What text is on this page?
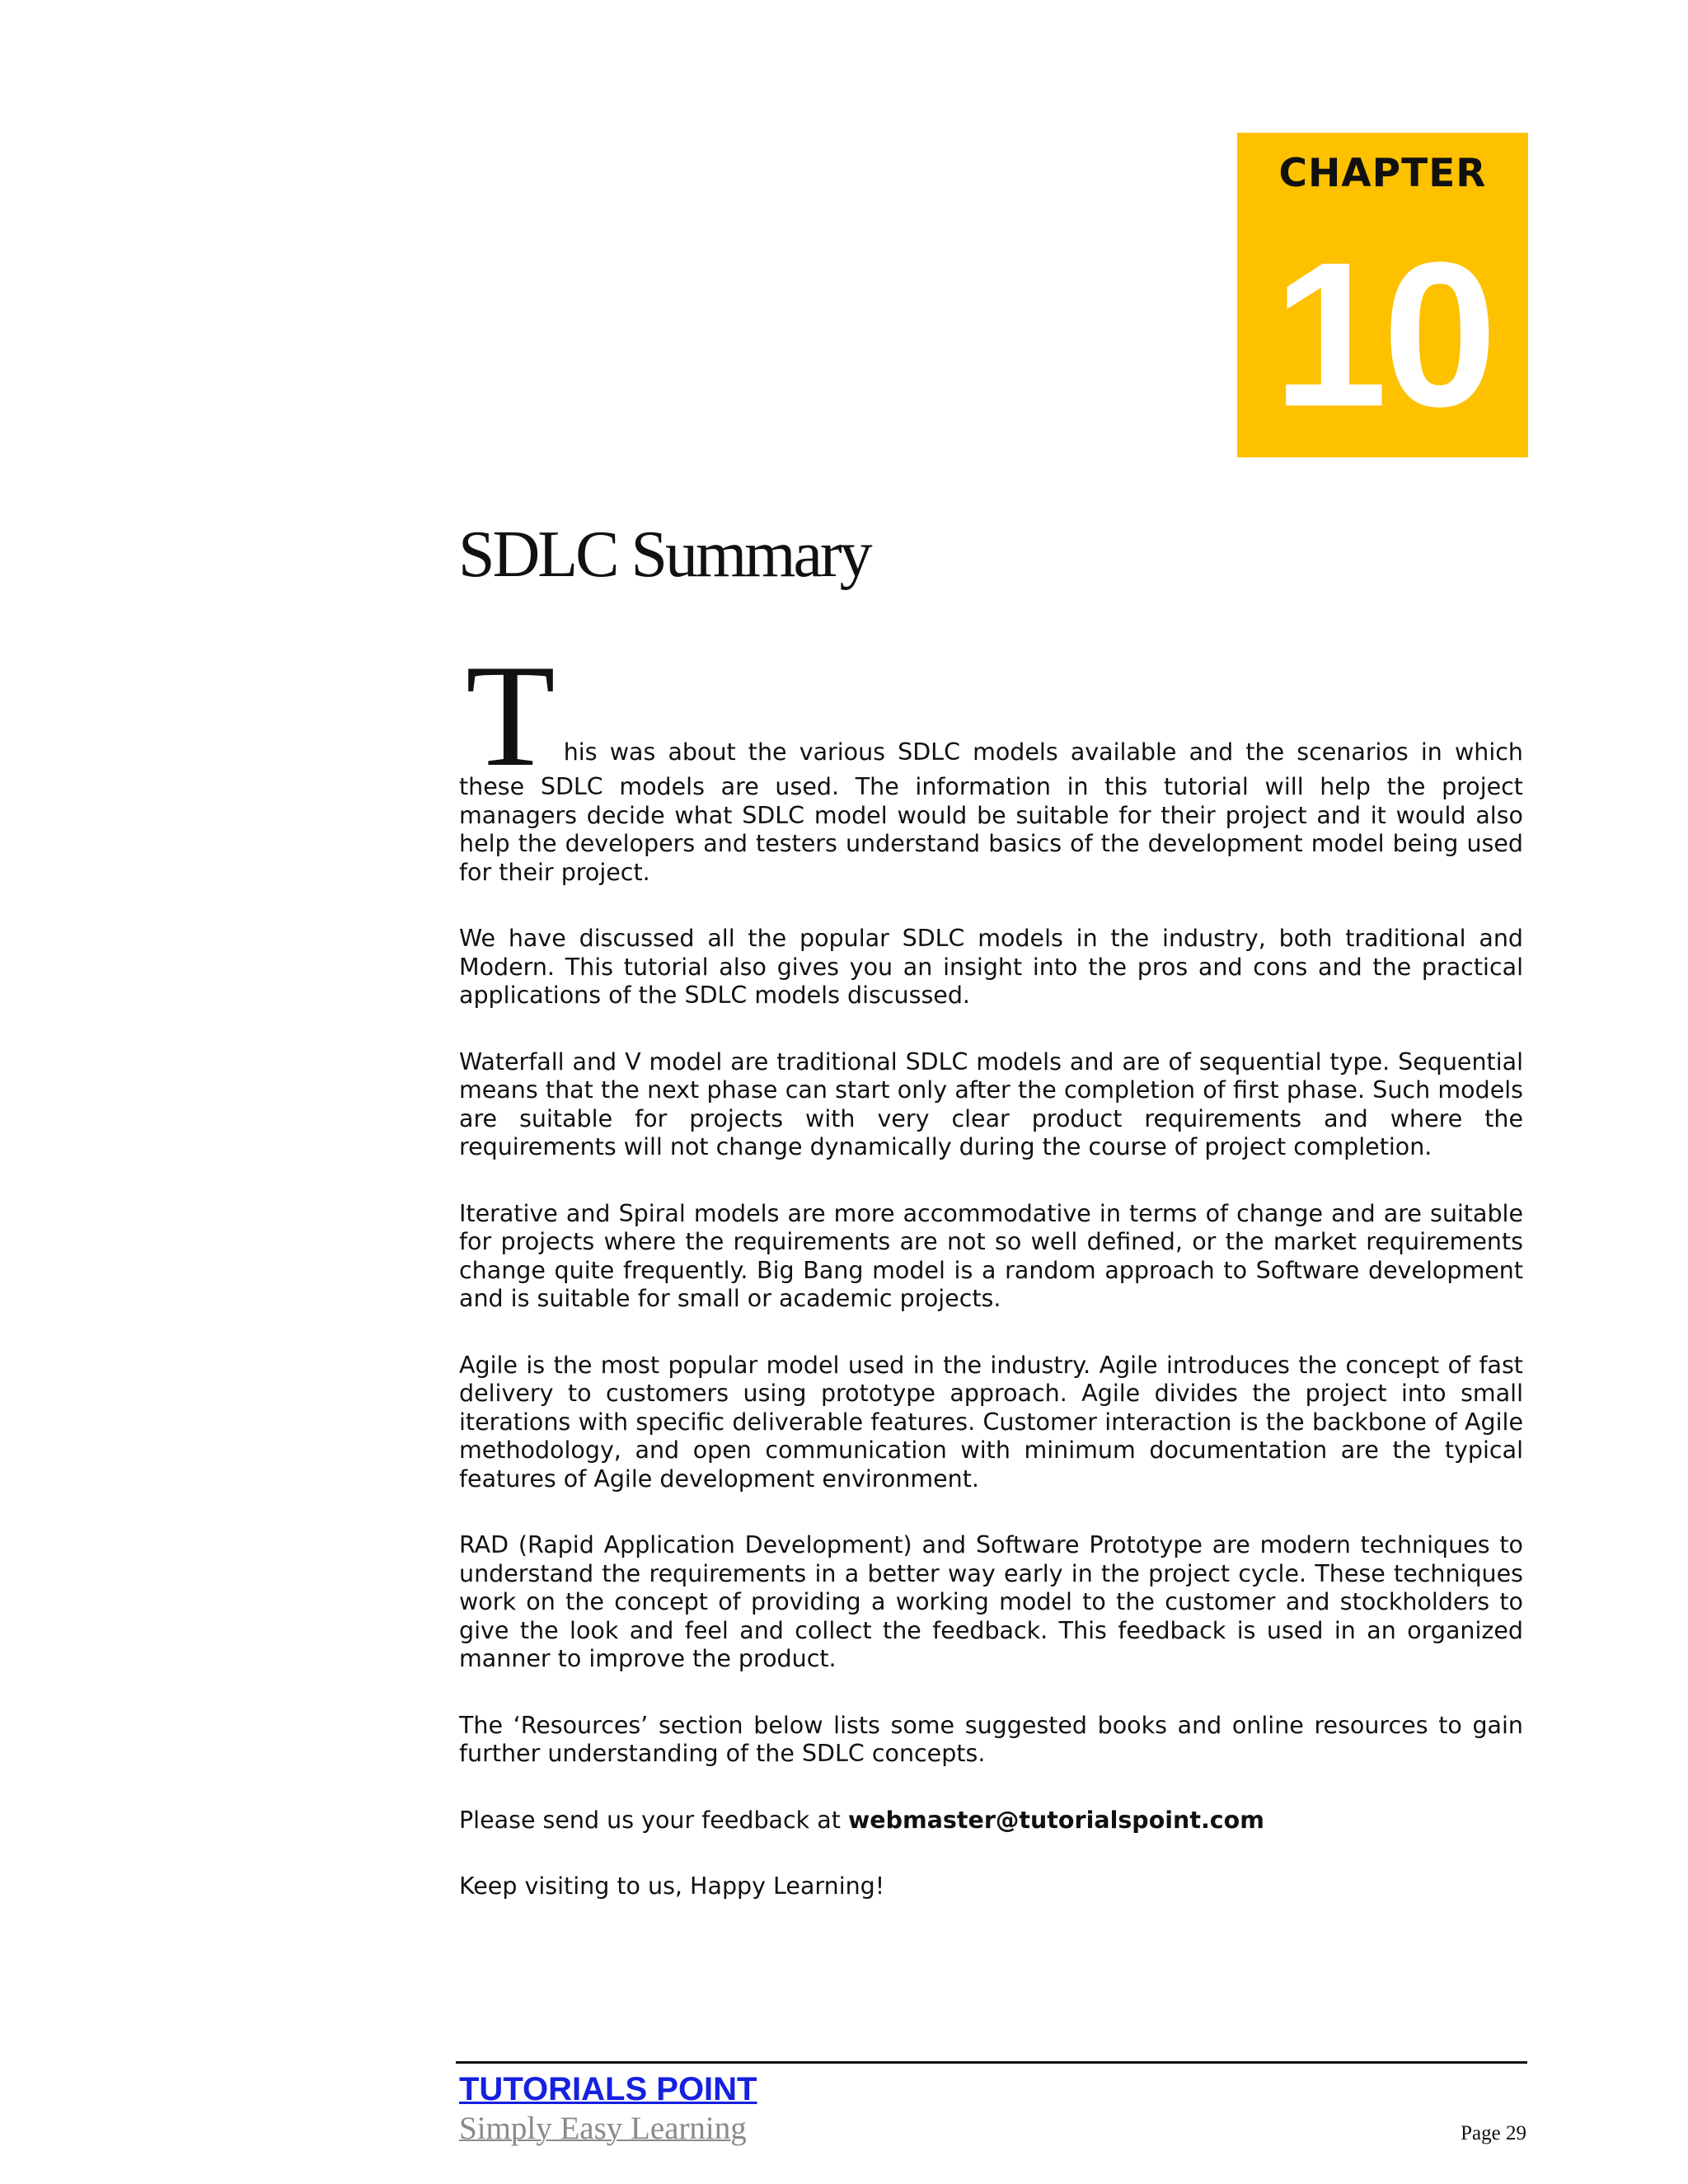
CHAPTER
10
SDLC Summary
T his was about the various SDLC models available and the scenarios in which
these SDLC models are used. The information in this tutorial will help the project managers decide what SDLC model would be suitable for their project and it would also help the developers and testers understand basics of the development model being used for their project.

We have discussed all the popular SDLC models in the industry, both traditional and Modern. This tutorial also gives you an insight into the pros and cons and the practical applications of the SDLC models discussed.

Waterfall and V model are traditional SDLC models and are of sequential type. Sequential means that the next phase can start only after the completion of first phase. Such models are suitable for projects with very clear product requirements and where the requirements will not change dynamically during the course of project completion.

Iterative and Spiral models are more accommodative in terms of change and are suitable for projects where the requirements are not so well defined, or the market requirements change quite frequently. Big Bang model is a random approach to Software development and is suitable for small or academic projects.

Agile is the most popular model used in the industry. Agile introduces the concept of fast delivery to customers using prototype approach. Agile divides the project into small iterations with specific deliverable features. Customer interaction is the backbone of Agile methodology, and open communication with minimum documentation are the typical features of Agile development environment.

RAD (Rapid Application Development) and Software Prototype are modern techniques to understand the requirements in a better way early in the project cycle. These techniques work on the concept of providing a working model to the customer and stockholders to give the look and feel and collect the feedback. This feedback is used in an organized manner to improve the product.

The ‘Resources’ section below lists some suggested books and online resources to gain further understanding of the SDLC concepts.

Please send us your feedback at webmaster@tutorialspoint.com

Keep visiting to us, Happy Learning!

TUTORIALS POINT
Simply Easy Learning	Page 29
